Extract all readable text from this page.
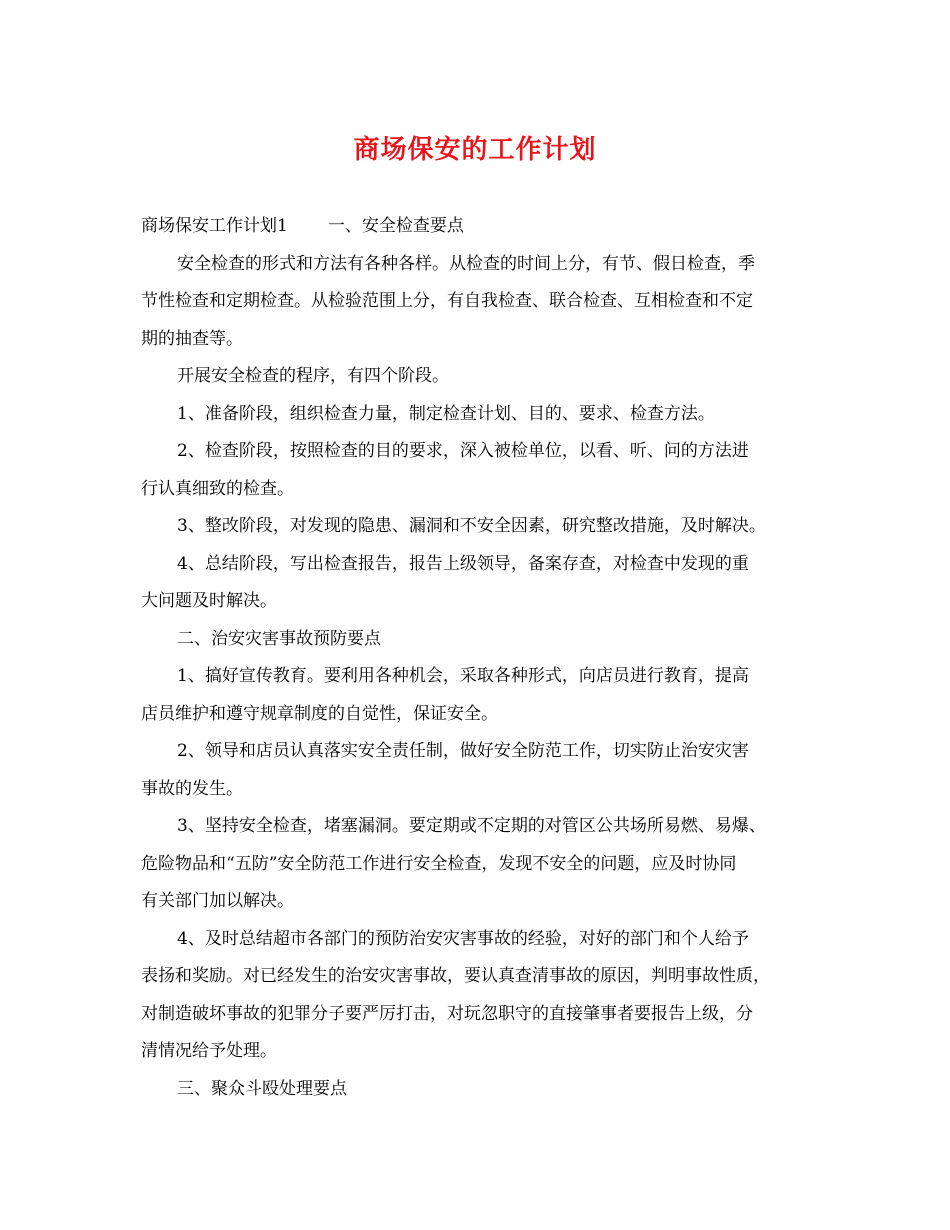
商场保安的工作计划
商场保安工作计划1 一、安全检查要点
安全检查的形式和方法有各种各样。从检查的时间上分，有节、假日检查，季
节性检查和定期检查。从检验范围上分，有自我检查、联合检查、互相检查和不定
期的抽查等。
开展安全检查的程序，有四个阶段。
1、准备阶段，组织检查力量，制定检查计划、目的、要求、检查方法。
2、检查阶段，按照检查的目的要求，深入被检单位，以看、听、问的方法进
行认真细致的检查。
3、整改阶段，对发现的隐患、漏洞和不安全因素，研究整改措施，及时解决。
4、总结阶段，写出检查报告，报告上级领导，备案存查，对检查中发现的重
大问题及时解决。
二、治安灾害事故预防要点
1、搞好宣传教育。要利用各种机会，采取各种形式，向店员进行教育，提高
店员维护和遵守规章制度的自觉性，保证安全。
2、领导和店员认真落实安全责任制，做好安全防范工作，切实防止治安灾害
事故的发生。
3、坚持安全检查，堵塞漏洞。要定期或不定期的对管区公共场所易燃、易爆、
危险物品和“五防”安全防范工作进行安全检查，发现不安全的问题，应及时协同
有关部门加以解决。
4、及时总结超市各部门的预防治安灾害事故的经验，对好的部门和个人给予
表扬和奖励。对已经发生的治安灾害事故，要认真查清事故的原因，判明事故性质，
对制造破坏事故的犯罪分子要严厉打击，对玩忽职守的直接肇事者要报告上级，分
清情况给予处理。
三、聚众斗殴处理要点
